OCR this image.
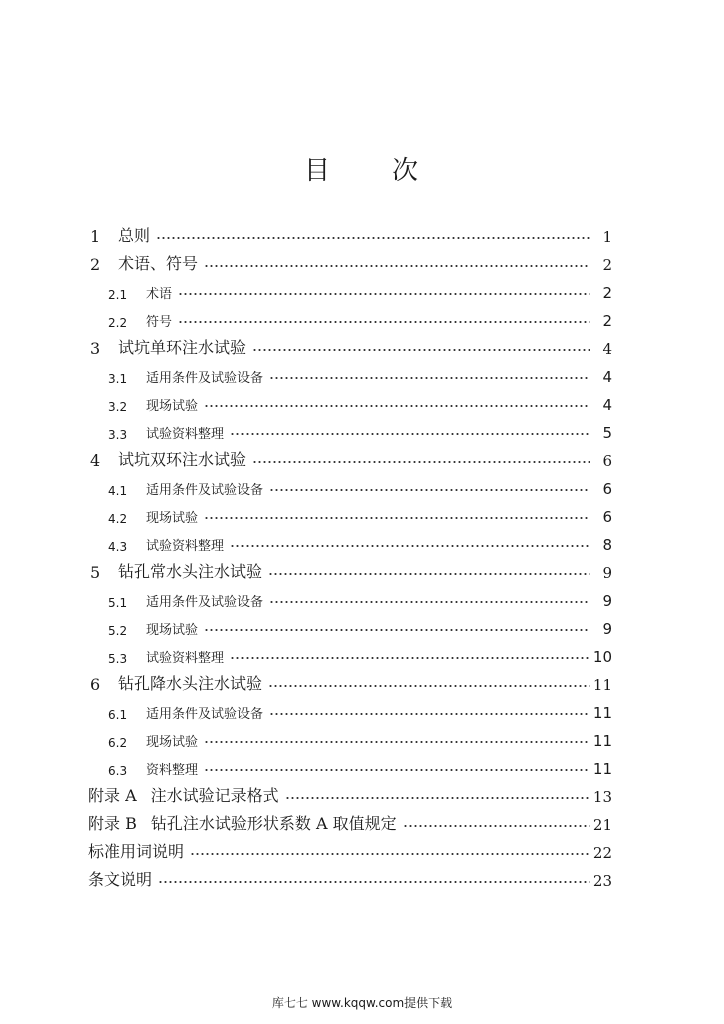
目 次
1	总则	1
2	术语、符号	2
2.1	术语	2
2.2	符号	2
3	试坑单环注水试验	4
3.1	适用条件及试验设备	4
3.2	现场试验	4
3.3	试验资料整理	5
4	试坑双环注水试验	6
4.1	适用条件及试验设备	6
4.2	现场试验	6
4.3	试验资料整理	8
5	钻孔常水头注水试验	9
5.1	适用条件及试验设备	9
5.2	现场试验	9
5.3	试验资料整理	10
6	钻孔降水头注水试验	11
6.1	适用条件及试验设备	11
6.2	现场试验	11
6.3	资料整理	11
附录 A 注水试验记录格式	13
附录 B 钻孔注水试验形状系数 A 取值规定	21
标准用词说明	22
条文说明	23
库七七 www.kqqw.com提供下载
